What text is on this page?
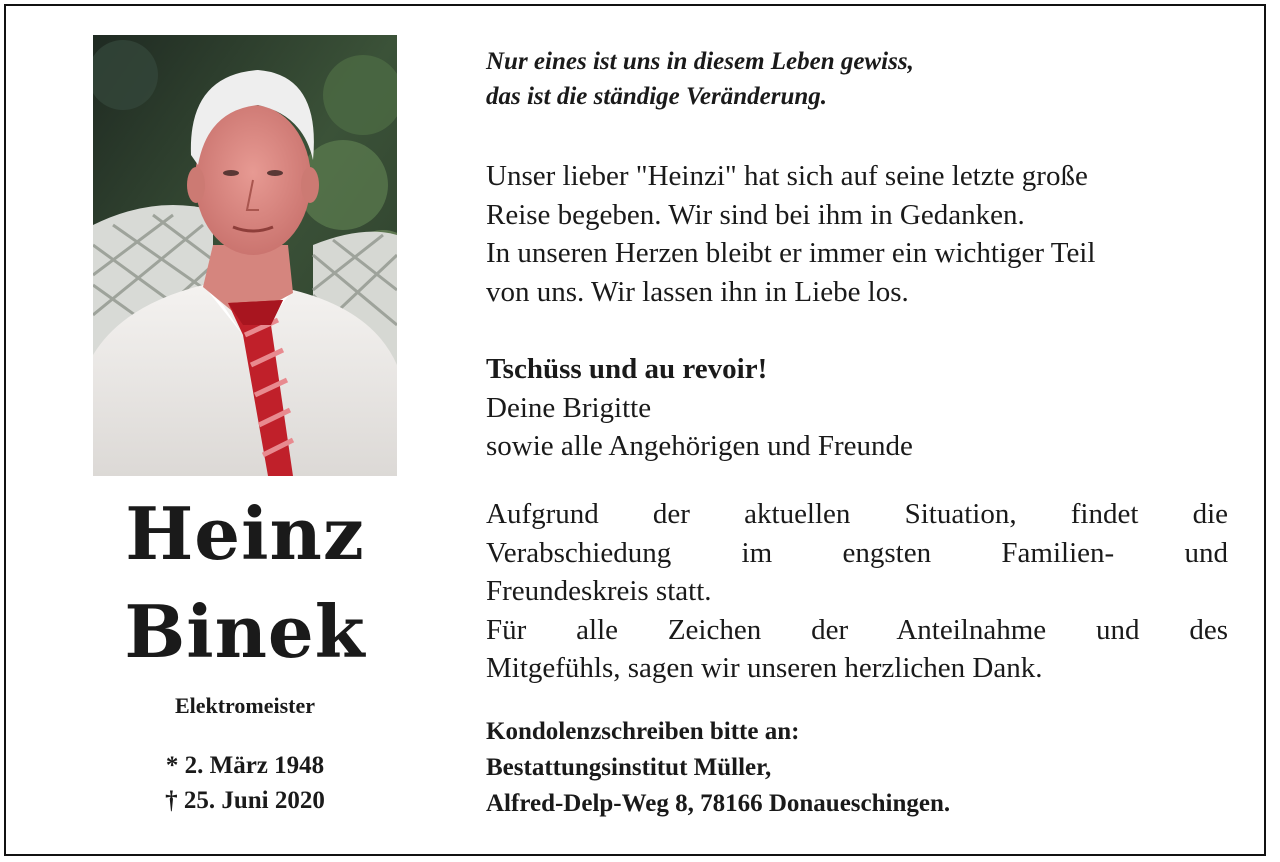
Heinz
Binek
Elektromeister
* 2. März 1948
† 25. Juni 2020
Nur eines ist uns in diesem Leben gewiss,
das ist die ständige Veränderung.
Unser lieber "Heinzi" hat sich auf seine letzte große
Reise begeben. Wir sind bei ihm in Gedanken.
In unseren Herzen bleibt er immer ein wichtiger Teil
von uns. Wir lassen ihn in Liebe los.
Tschüss und au revoir!
Deine Brigitte
sowie alle Angehörigen und Freunde
Aufgrund der aktuellen Situation, findet die
Verabschiedung im engsten Familien- und
Freundeskreis statt.
Für alle Zeichen der Anteilnahme und des
Mitgefühls, sagen wir unseren herzlichen Dank.
Kondolenzschreiben bitte an:
Bestattungsinstitut Müller,
Alfred-Delp-Weg 8, 78166 Donaueschingen.
